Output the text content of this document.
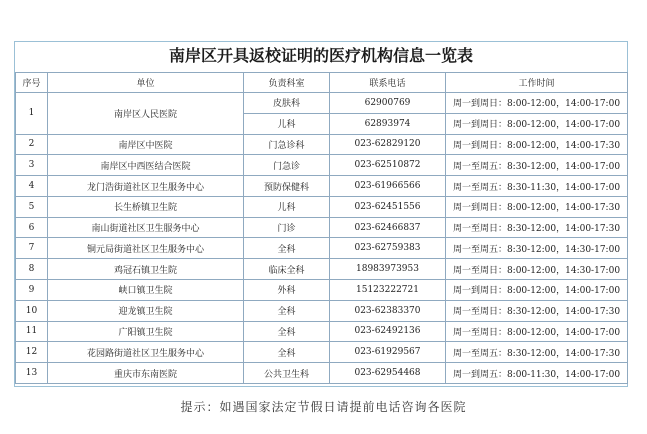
南岸区开具返校证明的医疗机构信息一览表
序号	单位	负责科室	联系电话	工作时间
1	南岸区人民医院	皮肤科	62900769	周一到周日：8:00-12:00，14:00-17:00
		儿科	62893974	周一到周日：8:00-12:00，14:00-17:00
2	南岸区中医院	门急诊科	023-62829120	周一到周日：8:00-12:00，14:00-17:30
3	南岸区中西医结合医院	门急诊	023-62510872	周一至周五：8:30-12:00，14:00-17:00
4	龙门浩街道社区卫生服务中心	预防保健科	023-61966566	周一至周五：8:30-11:30，14:00-17:00
5	长生桥镇卫生院	儿科	023-62451556	周一到周日：8:00-12:00，14:00-17:30
6	南山街道社区卫生服务中心	门诊	023-62466837	周一至周日：8:30-12:00，14:00-17:30
7	铜元局街道社区卫生服务中心	全科	023-62759383	周一至周五：8:30-12:00，14:30-17:00
8	鸡冠石镇卫生院	临床全科	18983973953	周一至周日：8:00-12:00，14:30-17:00
9	峡口镇卫生院	外科	15123222721	周一到周日：8:00-12:00，14:00-17:00
10	迎龙镇卫生院	全科	023-62383370	周一至周日：8:30-12:00，14:00-17:30
11	广阳镇卫生院	全科	023-62492136	周一至周日：8:00-12:00，14:00-17:00
12	花园路街道社区卫生服务中心	全科	023-61929567	周一至周五：8:30-12:00，14:00-17:30
13	重庆市东南医院	公共卫生科	023-62954468	周一到周五：8:00-11:30，14:00-17:00
提示：如遇国家法定节假日请提前电话咨询各医院
